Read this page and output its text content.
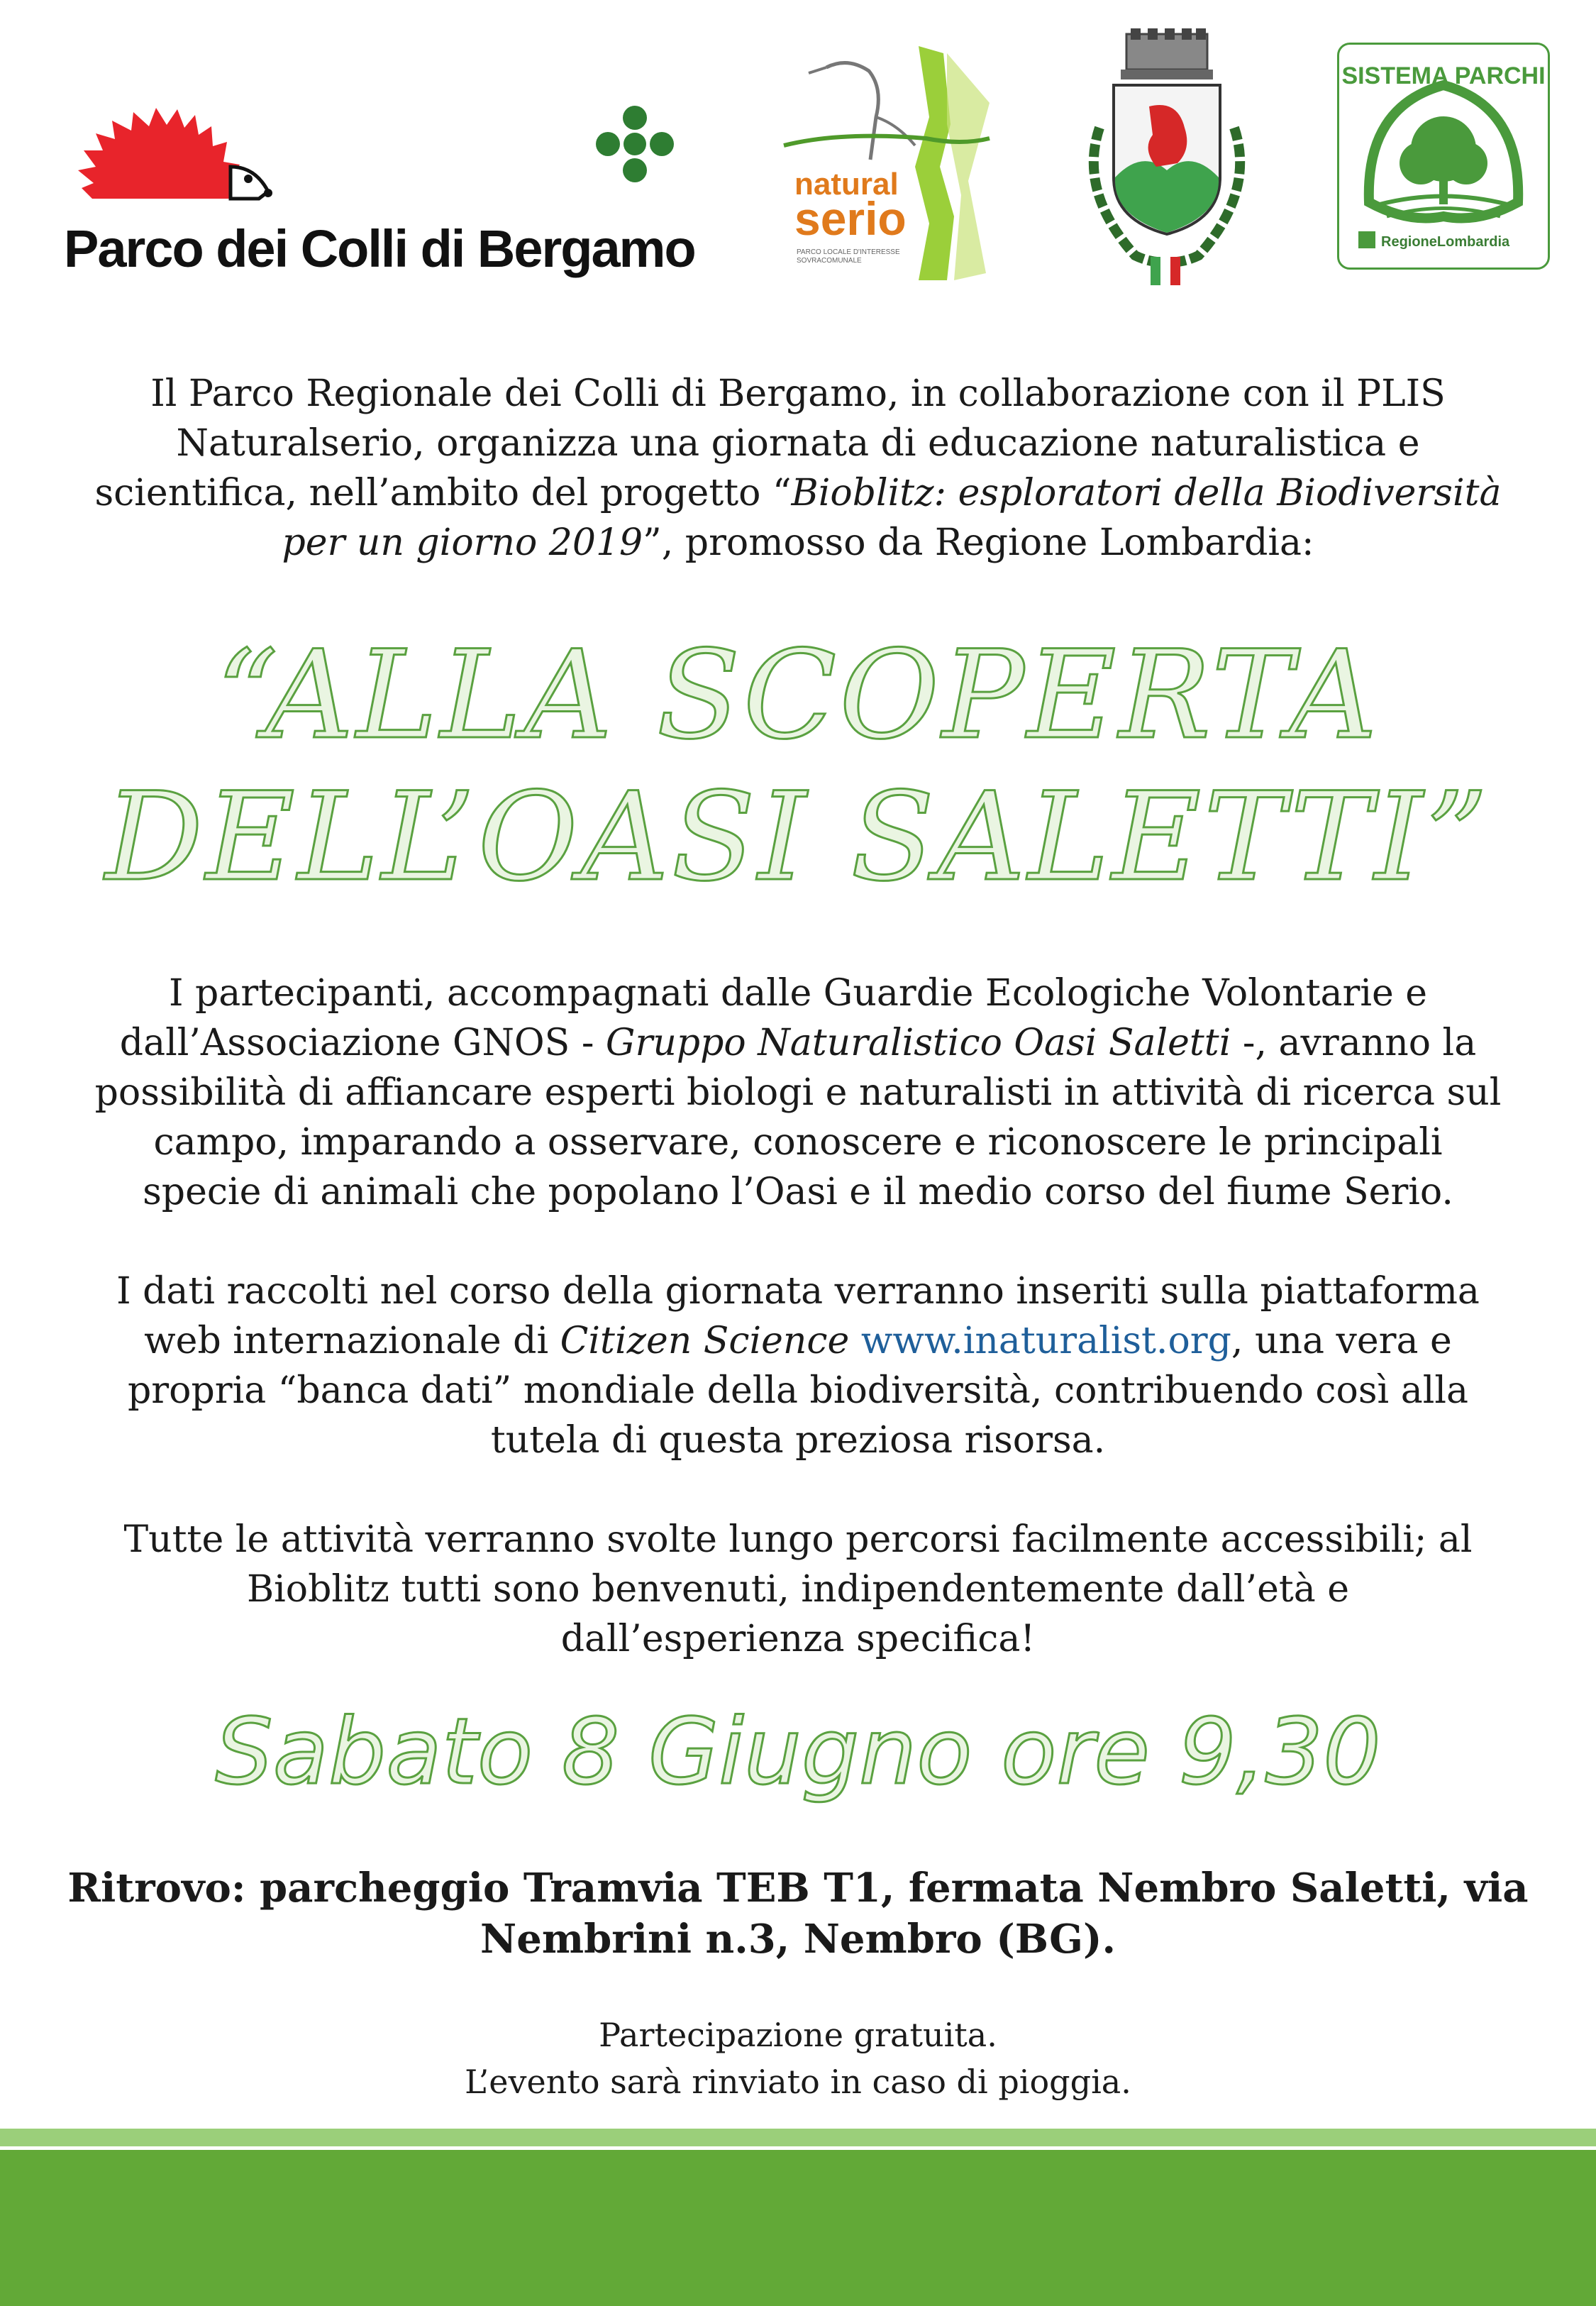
Parco dei Colli di Bergamo
natural
serio
PARCO LOCALE D'INTERESSE SOVRACOMUNALE
SISTEMA PARCHI
RegioneLombardia
Il Parco Regionale dei Colli di Bergamo, in collaborazione con il PLIS
Naturalserio, organizza una giornata di educazione naturalistica e
scientifica, nell’ambito del progetto “Bioblitz: esploratori della Biodiversità
per un giorno 2019”, promosso da Regione Lombardia:
“ALLA SCOPERTA
DELL’OASI SALETTI”
I partecipanti, accompagnati dalle Guardie Ecologiche Volontarie e
dall’Associazione GNOS - Gruppo Naturalistico Oasi Saletti -, avranno la
possibilità di affiancare esperti biologi e naturalisti in attività di ricerca sul
campo, imparando a osservare, conoscere e riconoscere le principali
specie di animali che popolano l’Oasi e il medio corso del fiume Serio.
I dati raccolti nel corso della giornata verranno inseriti sulla piattaforma
web internazionale di Citizen Science www.inaturalist.org, una vera e
propria “banca dati” mondiale della biodiversità, contribuendo così alla
tutela di questa preziosa risorsa.
Tutte le attività verranno svolte lungo percorsi facilmente accessibili; al
Bioblitz tutti sono benvenuti, indipendentemente dall’età e
dall’esperienza specifica!
Sabato 8 Giugno ore 9,30
Ritrovo: parcheggio Tramvia TEB T1, fermata Nembro Saletti, via
Nembrini n.3, Nembro (BG).
Partecipazione gratuita.
L’evento sarà rinviato in caso di pioggia.
